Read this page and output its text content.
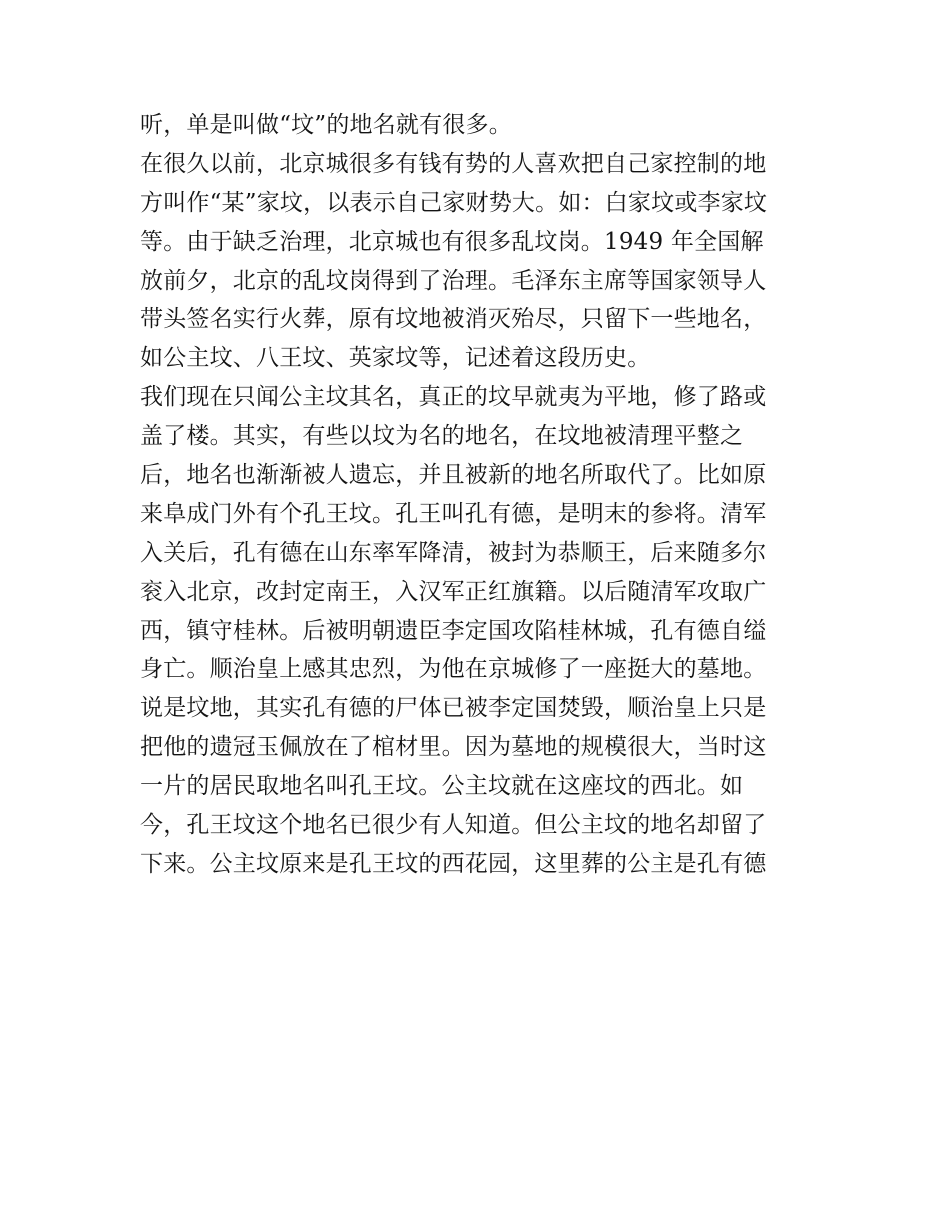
听，单是叫做“坟”的地名就有很多。
在很久以前，北京城很多有钱有势的人喜欢把自己家控制的地
方叫作“某”家坟，以表示自己家财势大。如：白家坟或李家坟
等。由于缺乏治理，北京城也有很多乱坟岗。1949 年全国解
放前夕，北京的乱坟岗得到了治理。毛泽东主席等国家领导人
带头签名实行火葬，原有坟地被消灭殆尽，只留下一些地名，
如公主坟、八王坟、英家坟等，记述着这段历史。
我们现在只闻公主坟其名，真正的坟早就夷为平地，修了路或
盖了楼。其实，有些以坟为名的地名，在坟地被清理平整之
后，地名也渐渐被人遗忘，并且被新的地名所取代了。比如原
来阜成门外有个孔王坟。孔王叫孔有德，是明末的参将。清军
入关后，孔有德在山东率军降清，被封为恭顺王，后来随多尔
衮入北京，改封定南王，入汉军正红旗籍。以后随清军攻取广
西，镇守桂林。后被明朝遗臣李定国攻陷桂林城，孔有德自缢
身亡。顺治皇上感其忠烈，为他在京城修了一座挺大的墓地。
说是坟地，其实孔有德的尸体已被李定国焚毁，顺治皇上只是
把他的遗冠玉佩放在了棺材里。因为墓地的规模很大，当时这
一片的居民取地名叫孔王坟。公主坟就在这座坟的西北。如
今，孔王坟这个地名已很少有人知道。但公主坟的地名却留了
下来。公主坟原来是孔王坟的西花园，这里葬的公主是孔有德
